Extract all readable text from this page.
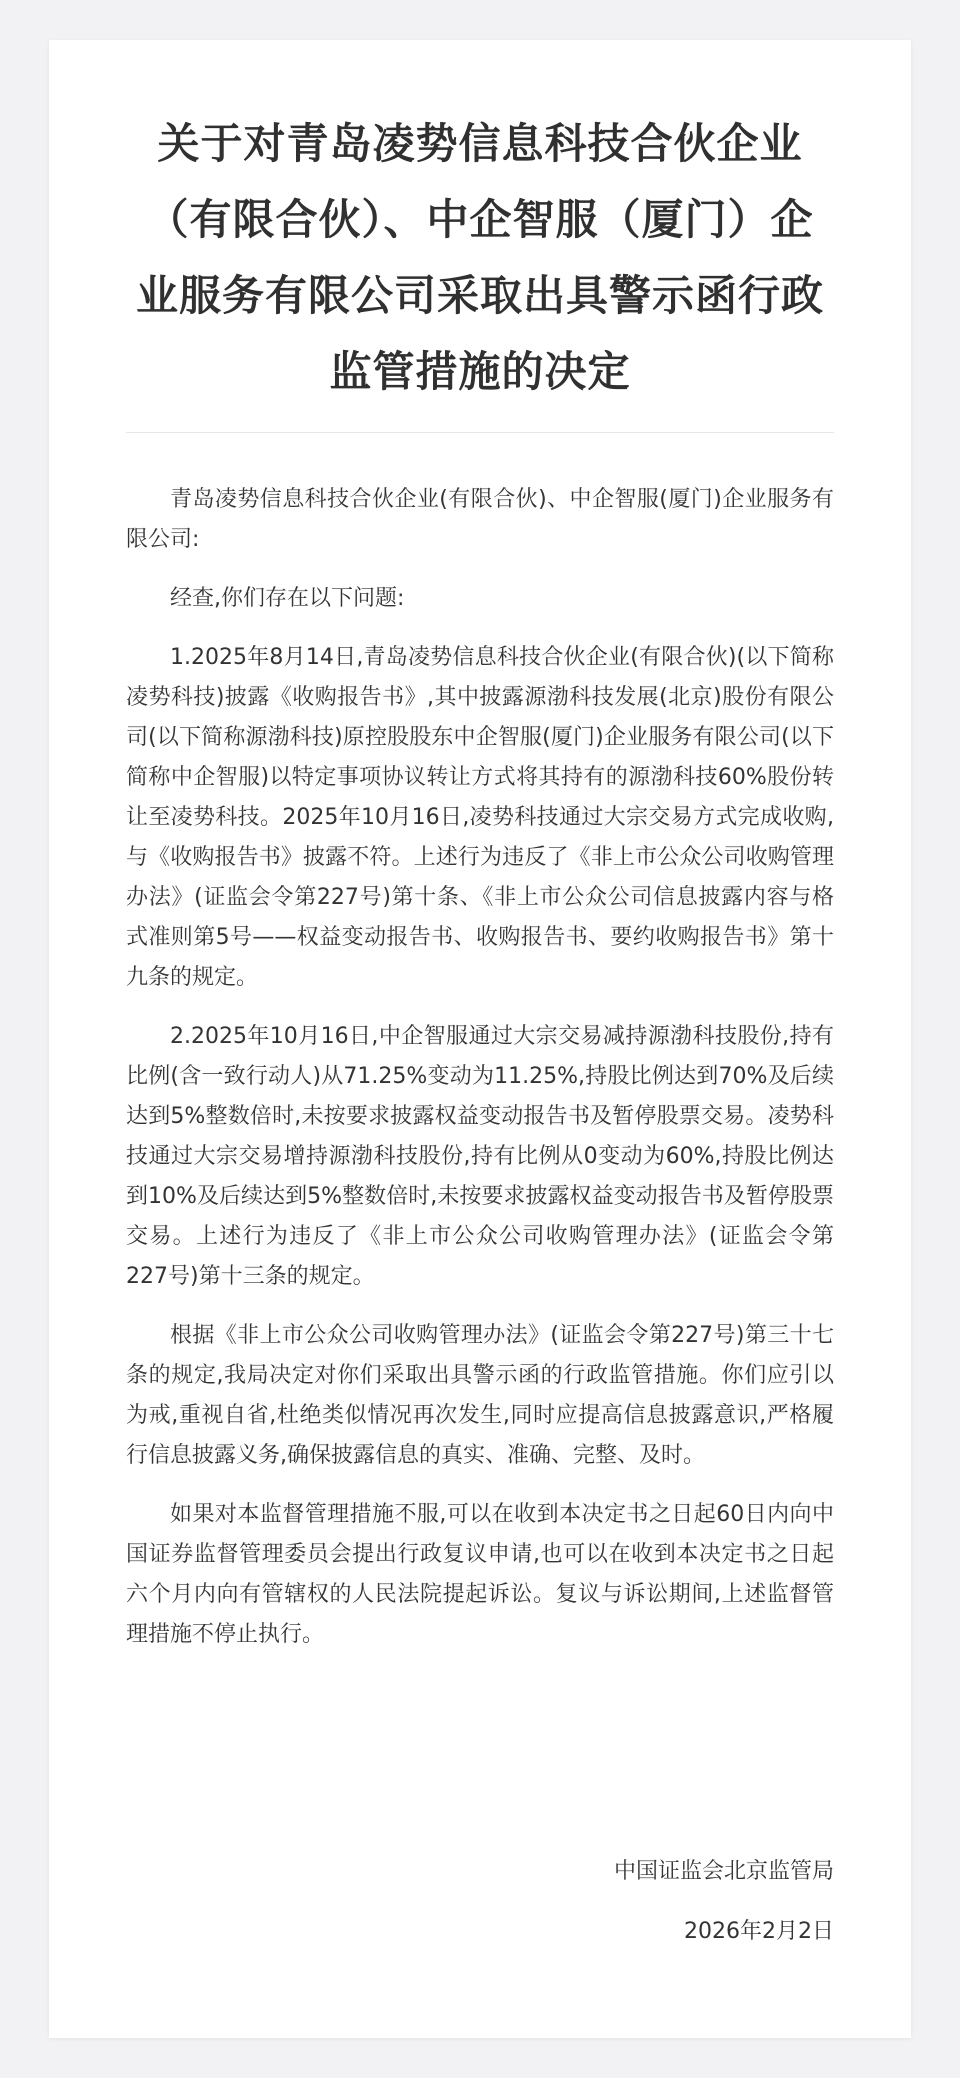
关于对青岛凌势信息科技合伙企业（有限合伙）、中企智服（厦门）企业服务有限公司采取出具警示函行政监管措施的决定

青岛凌势信息科技合伙企业(有限合伙)、中企智服(厦门)企业服务有限公司:

经查,你们存在以下问题:

1.2025年8月14日,青岛凌势信息科技合伙企业(有限合伙)(以下简称凌势科技)披露《收购报告书》,其中披露源渤科技发展(北京)股份有限公司(以下简称源渤科技)原控股股东中企智服(厦门)企业服务有限公司(以下简称中企智服)以特定事项协议转让方式将其持有的源渤科技60%股份转让至凌势科技。2025年10月16日,凌势科技通过大宗交易方式完成收购,与《收购报告书》披露不符。上述行为违反了《非上市公众公司收购管理办法》(证监会令第227号)第十条、《非上市公众公司信息披露内容与格式准则第5号——权益变动报告书、收购报告书、要约收购报告书》第十九条的规定。

2.2025年10月16日,中企智服通过大宗交易减持源渤科技股份,持有比例(含一致行动人)从71.25%变动为11.25%,持股比例达到70%及后续达到5%整数倍时,未按要求披露权益变动报告书及暂停股票交易。凌势科技通过大宗交易增持源渤科技股份,持有比例从0变动为60%,持股比例达到10%及后续达到5%整数倍时,未按要求披露权益变动报告书及暂停股票交易。上述行为违反了《非上市公众公司收购管理办法》(证监会令第227号)第十三条的规定。

根据《非上市公众公司收购管理办法》(证监会令第227号)第三十七条的规定,我局决定对你们采取出具警示函的行政监管措施。你们应引以为戒,重视自省,杜绝类似情况再次发生,同时应提高信息披露意识,严格履行信息披露义务,确保披露信息的真实、准确、完整、及时。

如果对本监督管理措施不服,可以在收到本决定书之日起60日内向中国证券监督管理委员会提出行政复议申请,也可以在收到本决定书之日起六个月内向有管辖权的人民法院提起诉讼。复议与诉讼期间,上述监督管理措施不停止执行。

中国证监会北京监管局
2026年2月2日
